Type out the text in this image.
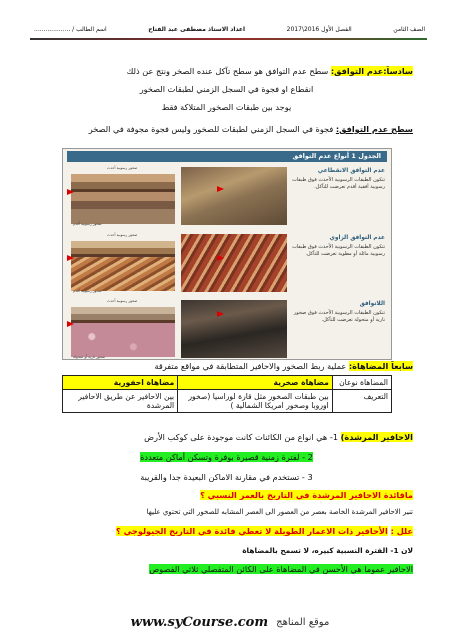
الصف الثامن
الفصل الأول 2016\2017
اعداد الاستاذ مصطفى عبد الفتاح
اسم الطالب / ...................
سادساً:عدم التوافق: سطح عدم التوافق هو سطح تآكل عنده الصخر ونتج عن ذلك
انقطاع او فجوة في السجل الزمني لطبقات الصخور
يوجد بين طبقات الصخور المتلاكة فقط
سطح عدم التوافق: فجوة في السجل الزمني لطبقات للصخور وليس فجوة مجوفة في الصخر
الجدول 1 أنواع عدم التوافق
صخور رسوبية أحدث
صخور رسوبية أقدم
عدم التوافق الانقطاعي
تتكون الطبقات الرسوبية الأحدث فوق طبقات رسوبية أفقية أقدم تعرضت للتآكل.
صخور رسوبية أحدث
صخور رسوبية أقدم
عدم التوافق الزاوي
تتكون الطبقات الرسوبية الأحدث فوق طبقات رسوبية مائلة أو مطوية تعرضت للتآكل.
صخور رسوبية أحدث
صخور نارية أو متحولة
اللاتوافق
تتكون الطبقات الرسوبية الأحدث فوق صخور نارية أو متحولة تعرضت للتآكل.
سابعاً المضاهاة: عملية ربط الصخور والاحافير المتطابقة في مواقع متفرقة
المضاهاة نوعان	مضاهاة صخرية	مضاهاة احفورية
التعريف	بين طبقات الصخور مثل قارة لوراسيا (صخور اوروبا وصخور امريكا الشمالية )	بين الاحافير عن طريق الاحافير المرشدة
الاحافير المرشدة) 1- هي انواع من الكائنات كانت موجودة على كوكب الأرض
2 - لفترة زمنية قصيرة بوفرة وتسكن أماكن متعددة
3 - تستخدم في مقارنة الاماكن البعيدة جدا والقريبة
ماقائدة الاحافير المرشدة في التاريخ بالعمر النسبي ؟
تنير الاحافير المرشدة الخاصة بعصر من العصور الى العصر المشابه للصخور التي تحتوي عليها
علل : الأحافير ذات الاعمار الطويلة لا تعطي فائدة في التاريخ الجيولوجي ؟
لان 1- الفترة النسبية كبيره، لا تسمح بالمضاهاة
الاحافير عموما هي الأحسن في المضاهاة على الكائن المتفصلي ثلاثي الفصوص
www.syCourse.com موقع المناهج
